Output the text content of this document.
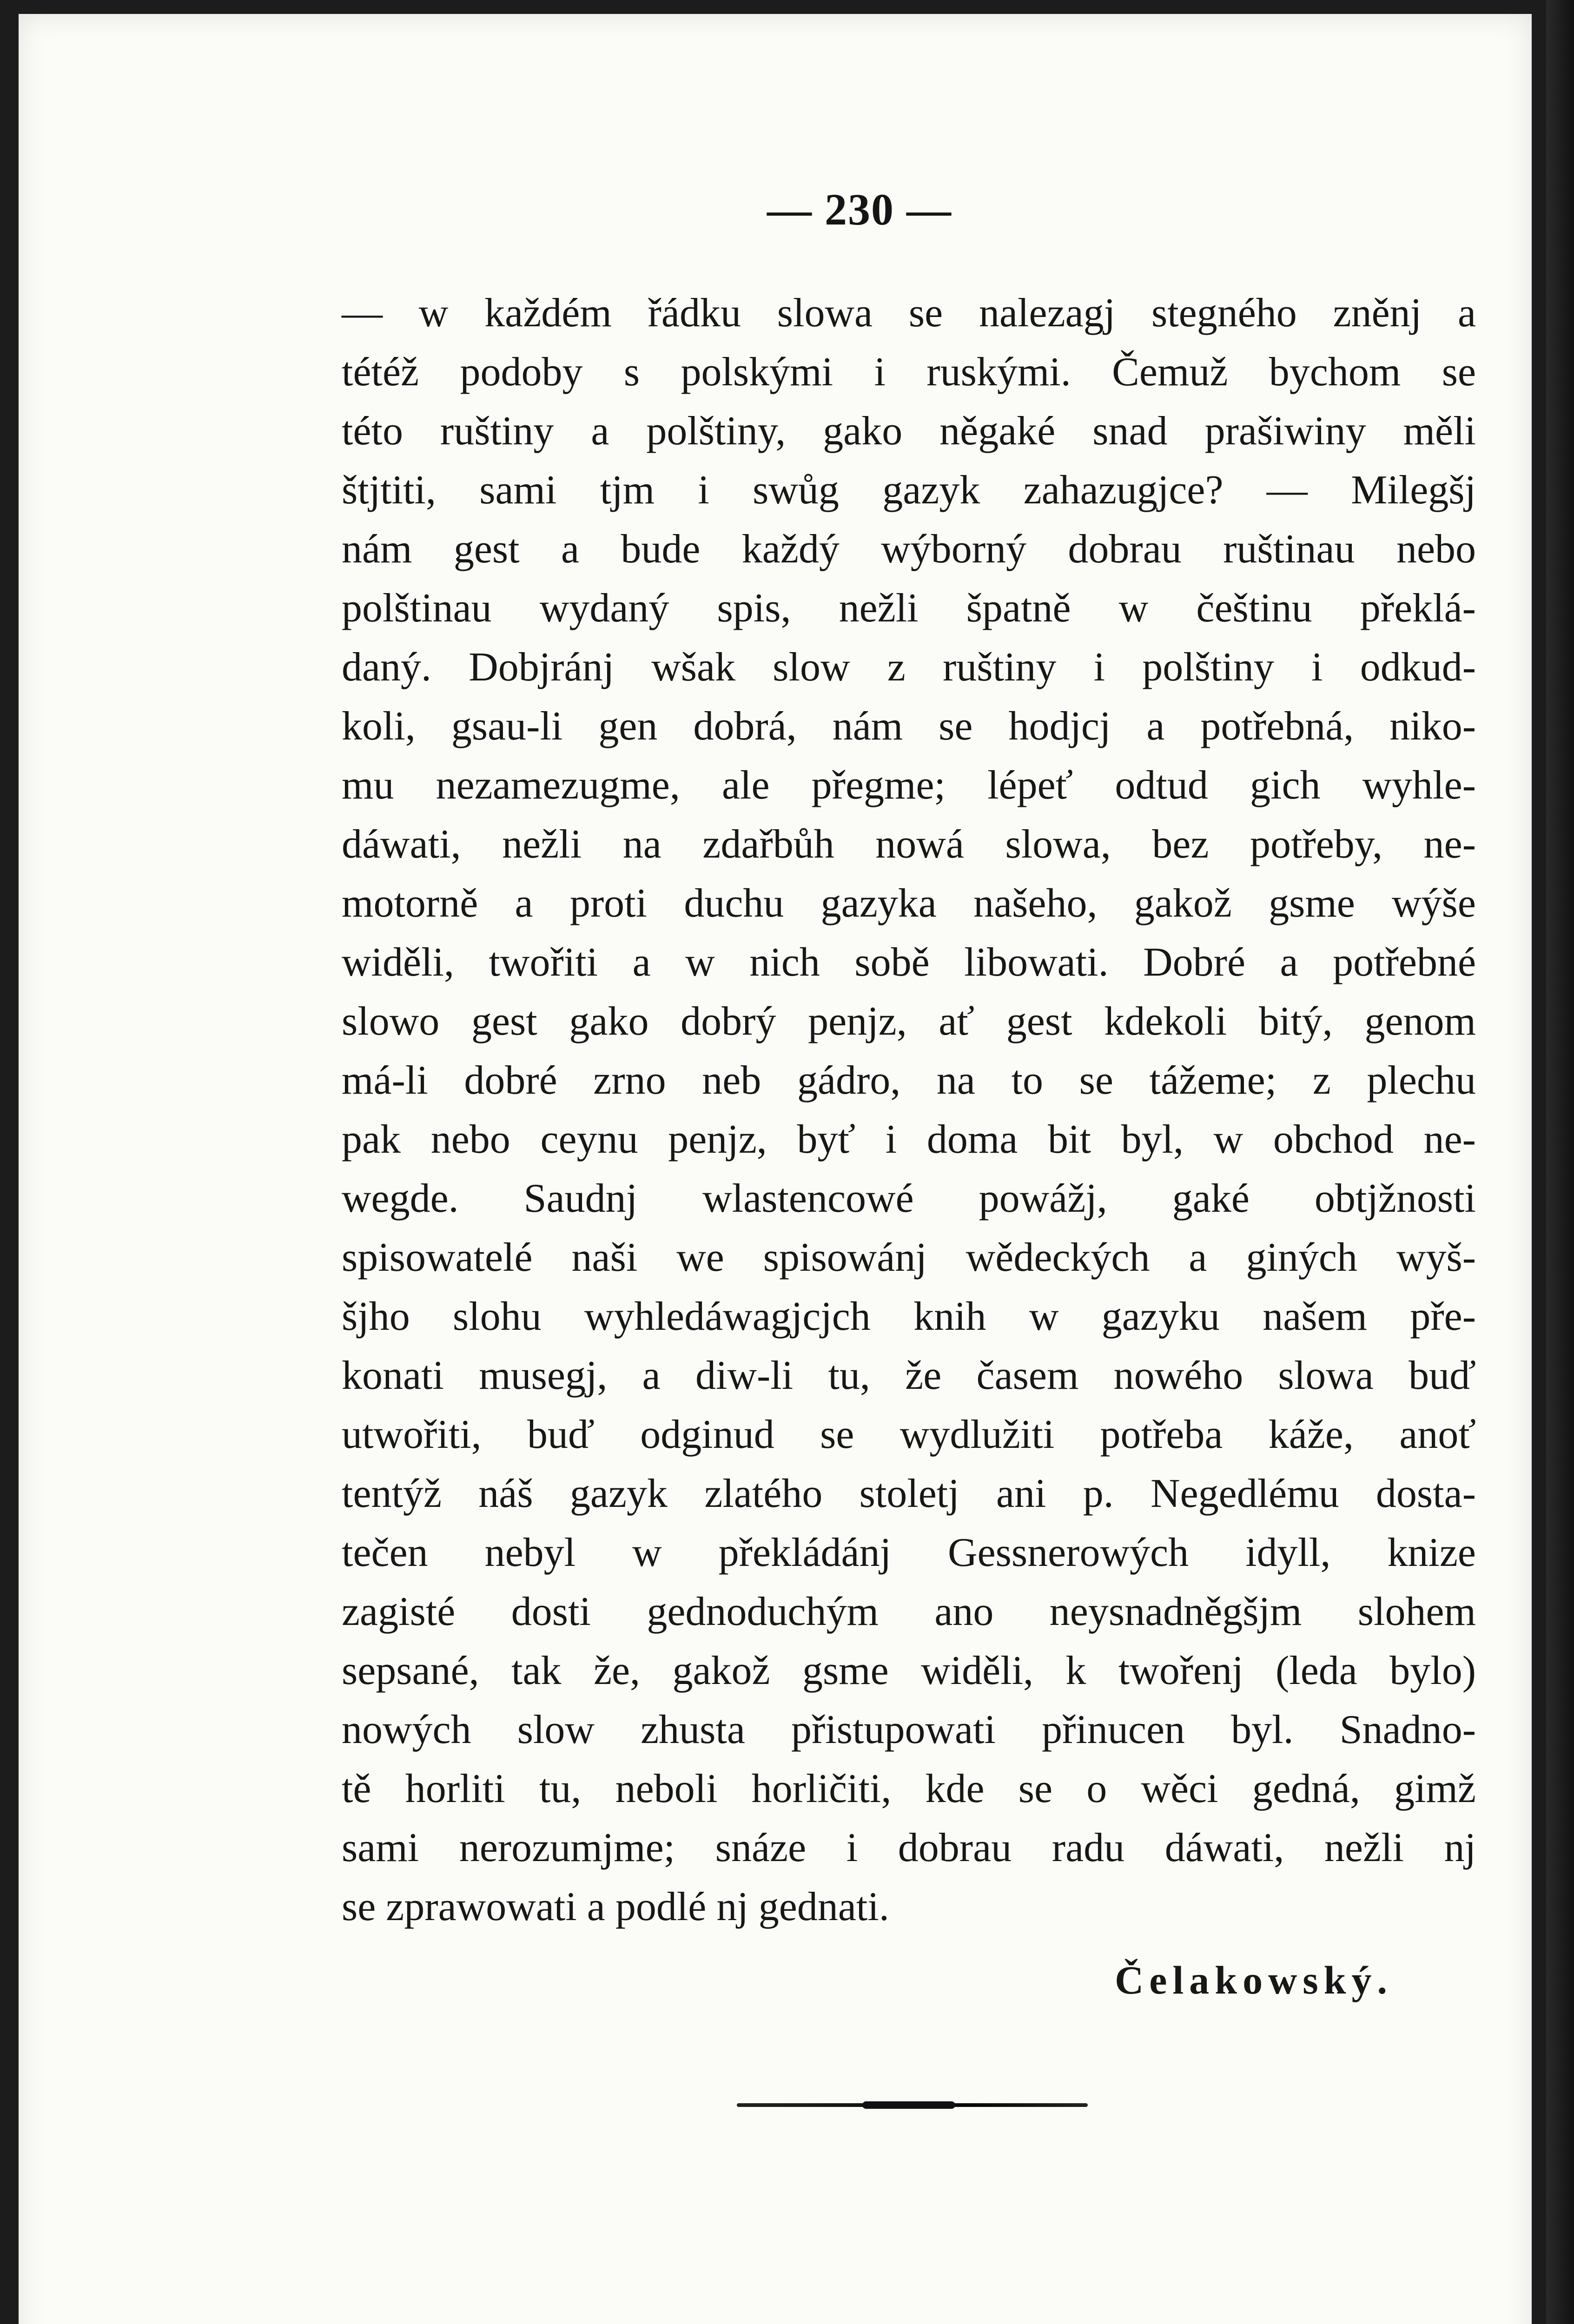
— 230 —

— w každém řádku slowa se nalezagj stegného zněnj a
tétéž podoby s polskými i ruskými. Čemuž bychom se
této ruštiny a polštiny, gako něgaké snad prašiwiny měli
štjtiti, sami tjm i swůg gazyk zahazugjce? — Milegšj
nám gest a bude každý wýborný dobrau ruštinau nebo
polštinau wydaný spis, nežli špatně w češtinu překlá-
daný. Dobjránj wšak slow z ruštiny i polštiny i odkud-
koli, gsau-li gen dobrá, nám se hodjcj a potřebná, niko-
mu nezamezugme, ale přegme; lépeť odtud gich wyhle-
dáwati, nežli na zdařbůh nowá slowa, bez potřeby, ne-
motorně a proti duchu gazyka našeho, gakož gsme wýše
widěli, twořiti a w nich sobě libowati. Dobré a potřebné
slowo gest gako dobrý penjz, ať gest kdekoli bitý, genom
má-li dobré zrno neb gádro, na to se tážeme; z plechu
pak nebo ceynu penjz, byť i doma bit byl, w obchod ne-
wegde. Saudnj wlastencowé powážj, gaké obtjžnosti
spisowatelé naši we spisowánj wědeckých a giných wyš-
šjho slohu wyhledáwagjcjch knih w gazyku našem pře-
konati musegj, a diw-li tu, že časem nowého slowa buď
utwořiti, buď odginud se wydlužiti potřeba káže, anoť
tentýž náš gazyk zlatého stoletj ani p. Negedlému dosta-
tečen nebyl w překládánj Gessnerowých idyll, knize
zagisté dosti gednoduchým ano neysnadněgšjm slohem
sepsané, tak že, gakož gsme widěli, k twořenj (leda bylo)
nowých slow zhusta přistupowati přinucen byl. Snadno-
tě horliti tu, neboli horličiti, kde se o wěci gedná, gimž
sami nerozumjme; snáze i dobrau radu dáwati, nežli nj
se zprawowati a podlé nj gednati.

Čelakowský.
